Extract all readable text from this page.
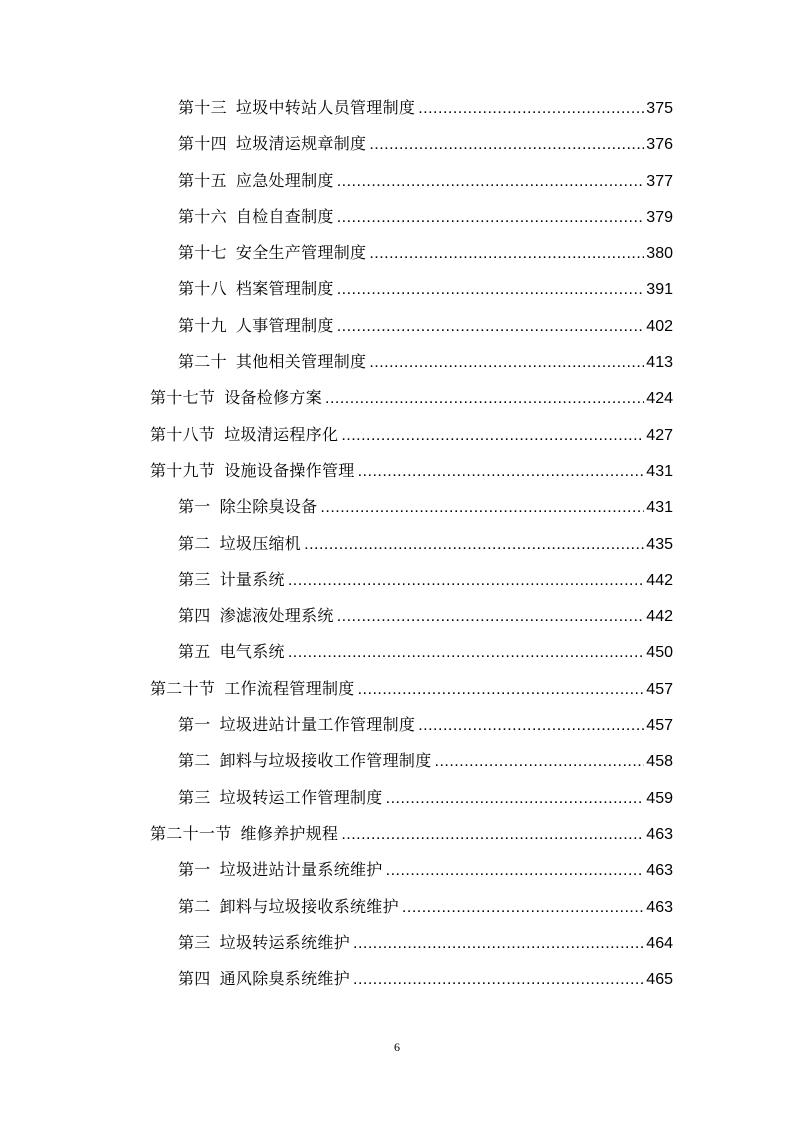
第十三 垃圾中转站人员管理制度 .....	375
第十四 垃圾清运规章制度 .....	376
第十五 应急处理制度 .....	377
第十六 自检自查制度 .....	379
第十七 安全生产管理制度 .....	380
第十八 档案管理制度 .....	391
第十九 人事管理制度 .....	402
第二十 其他相关管理制度 .....	413
第十七节 设备检修方案 .....	424
第十八节 垃圾清运程序化 .....	427
第十九节 设施设备操作管理 .....	431
第一 除尘除臭设备 .....	431
第二 垃圾压缩机 .....	435
第三 计量系统 .....	442
第四 渗滤液处理系统 .....	442
第五 电气系统 .....	450
第二十节 工作流程管理制度 .....	457
第一 垃圾进站计量工作管理制度 .....	457
第二 卸料与垃圾接收工作管理制度 .....	458
第三 垃圾转运工作管理制度 .....	459
第二十一节 维修养护规程 .....	463
第一 垃圾进站计量系统维护 .....	463
第二 卸料与垃圾接收系统维护 .....	463
第三 垃圾转运系统维护 .....	464
第四 通风除臭系统维护 .....	465
6
